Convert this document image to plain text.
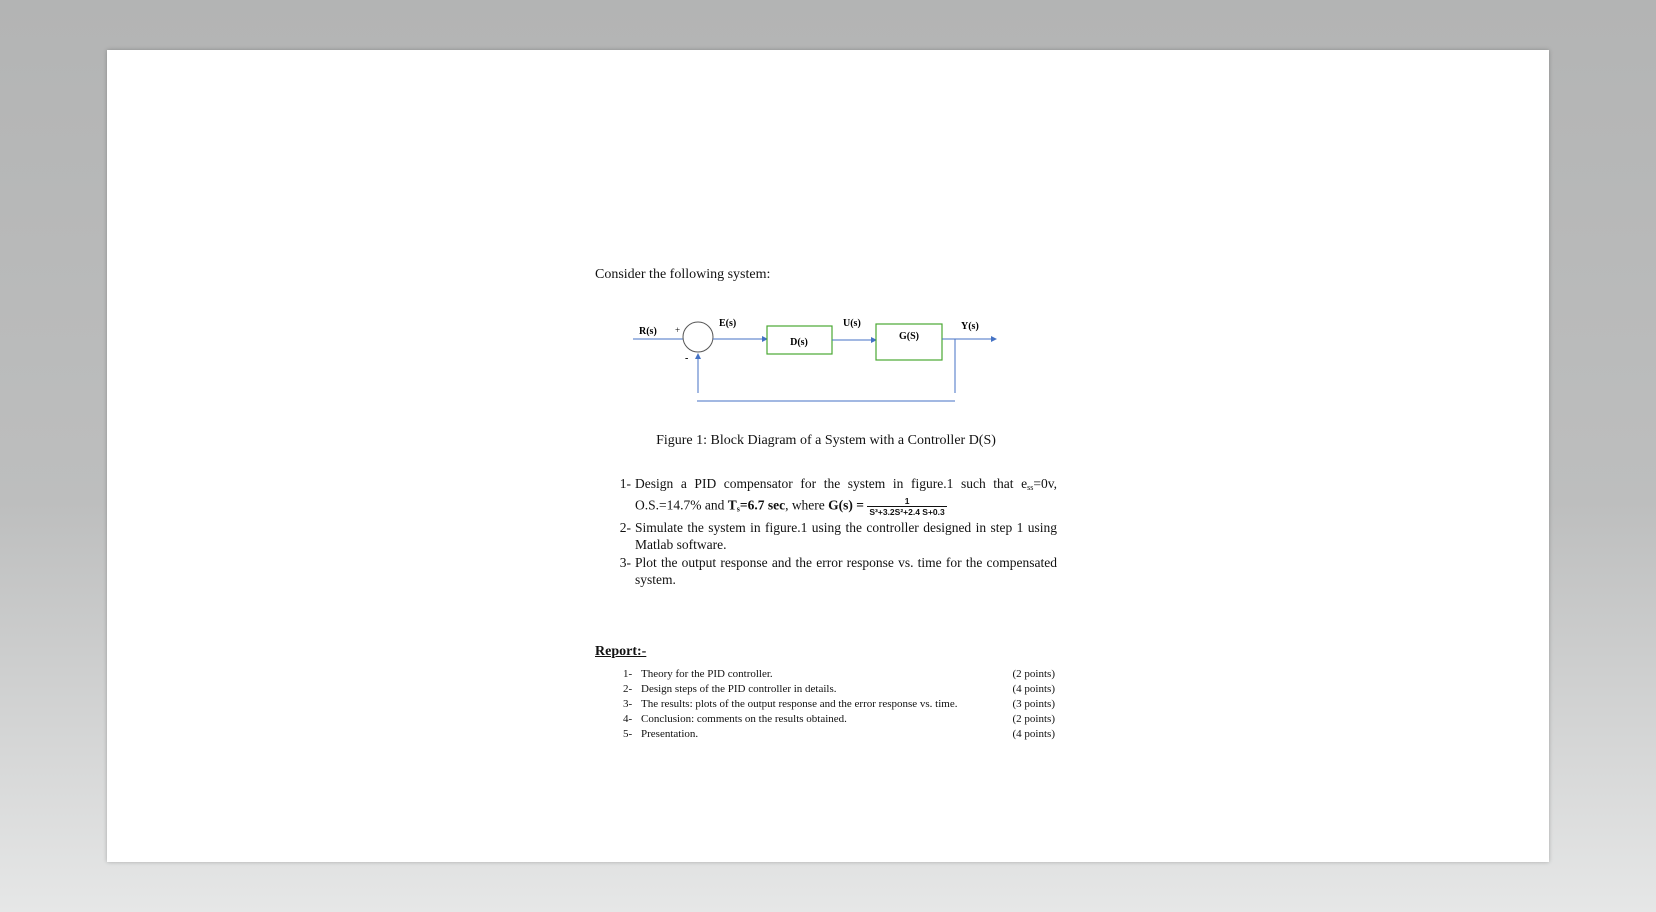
Consider the following system:

R(s) +
-
E(s)
D(s)
U(s)
G(S)
Y(s)

Figure 1: Block Diagram of a System with a Controller D(S)

1- Design a PID compensator for the system in figure.1 such that $e_{ss}=0v$, O.S.=14.7% and $T_s=6.7$ sec, where $G(s) = \frac{1}{\text{S³+3.2S²+2.4 S+0.3}}$
2- Simulate the system in figure.1 using the controller designed in step 1 using Matlab software.
3- Plot the output response and the error response vs. time for the compensated system.

Report:-

1- Theory for the PID controller.	(2 points)
2- Design steps of the PID controller in details.	(4 points)
3- The results: plots of the output response and the error response vs. time.	(3 points)
4- Conclusion: comments on the results obtained.	(2 points)
5- Presentation.	(4 points)
